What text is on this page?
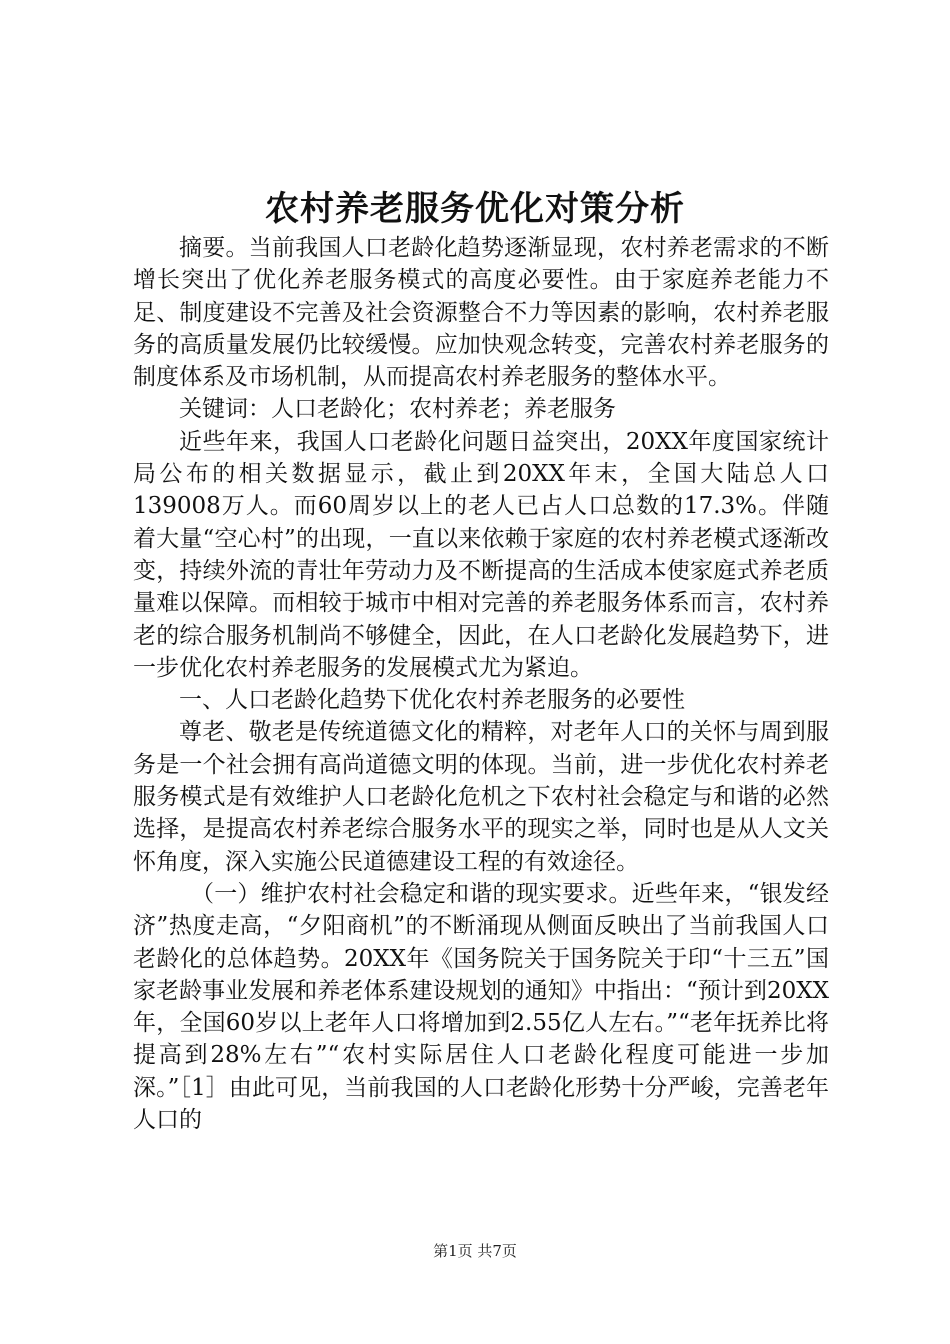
农村养老服务优化对策分析

摘要。当前我国人口老龄化趋势逐渐显现，农村养老需求的不断增长突出了优化养老服务模式的高度必要性。由于家庭养老能力不足、制度建设不完善及社会资源整合不力等因素的影响，农村养老服务的高质量发展仍比较缓慢。应加快观念转变，完善农村养老服务的制度体系及市场机制，从而提高农村养老服务的整体水平。

关键词：人口老龄化；农村养老；养老服务

近些年来，我国人口老龄化问题日益突出，20XX年度国家统计局公布的相关数据显示，截止到20XX年末，全国大陆总人口139008万人。而60周岁以上的老人已占人口总数的17.3%。伴随着大量“空心村”的出现，一直以来依赖于家庭的农村养老模式逐渐改变，持续外流的青壮年劳动力及不断提高的生活成本使家庭式养老质量难以保障。而相较于城市中相对完善的养老服务体系而言，农村养老的综合服务机制尚不够健全，因此，在人口老龄化发展趋势下，进一步优化农村养老服务的发展模式尤为紧迫。

一、人口老龄化趋势下优化农村养老服务的必要性

尊老、敬老是传统道德文化的精粹，对老年人口的关怀与周到服务是一个社会拥有高尚道德文明的体现。当前，进一步优化农村养老服务模式是有效维护人口老龄化危机之下农村社会稳定与和谐的必然选择，是提高农村养老综合服务水平的现实之举，同时也是从人文关怀角度，深入实施公民道德建设工程的有效途径。

（一）维护农村社会稳定和谐的现实要求。近些年来，“银发经济”热度走高，“夕阳商机”的不断涌现从侧面反映出了当前我国人口老龄化的总体趋势。20XX年《国务院关于国务院关于印“十三五”国家老龄事业发展和养老体系建设规划的通知》中指出：“预计到20XX年，全国60岁以上老年人口将增加到2.55亿人左右。”“老年抚养比将提高到28%左右”“农村实际居住人口老龄化程度可能进一步加深。”［1］由此可见，当前我国的人口老龄化形势十分严峻，完善老年人口的

第1页 共7页
